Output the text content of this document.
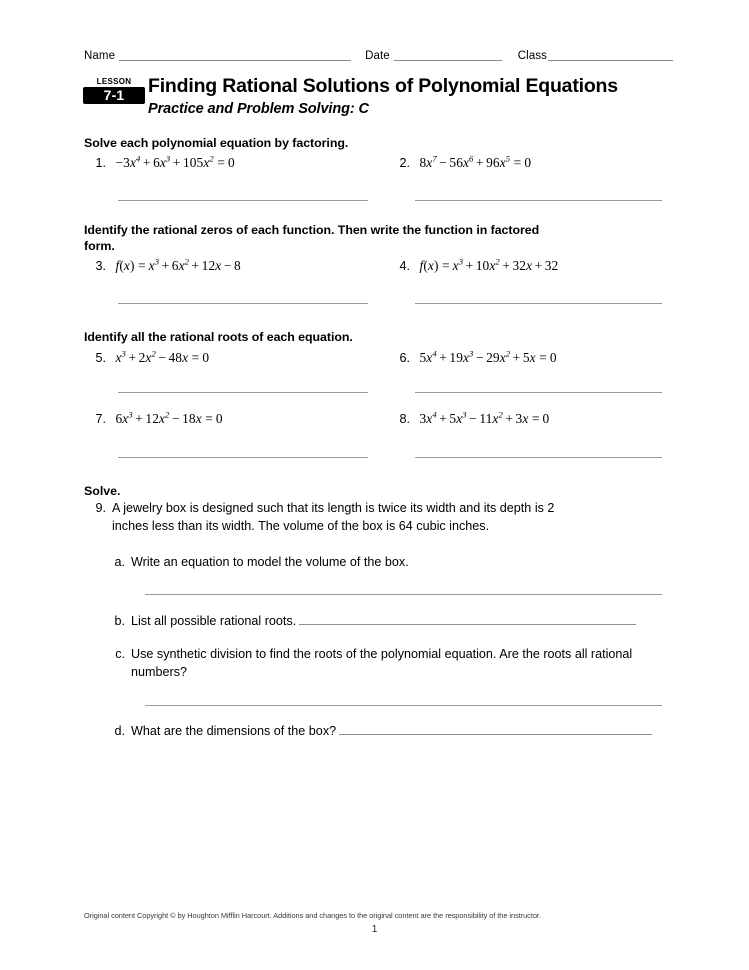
Name	Date	Class
LESSON
7-1	Finding Rational Solutions of Polynomial Equations
Practice and Problem Solving: C
Solve each polynomial equation by factoring.
1. $-3x^4 + 6x^3 + 105x^2 = 0$	2. $8x^7 - 56x^6 + 96x^5 = 0$
Identify the rational zeros of each function. Then write the function in factored form.
3. $f(x) = x^3 + 6x^2 + 12x - 8$	4. $f(x) = x^3 + 10x^2 + 32x + 32$
Identify all the rational roots of each equation.
5. $x^3 + 2x^2 - 48x = 0$	6. $5x^4 + 19x^3 - 29x^2 + 5x = 0$
7. $6x^3 + 12x^2 - 18x = 0$	8. $3x^4 + 5x^3 - 11x^2 + 3x = 0$
Solve.
9. A jewelry box is designed such that its length is twice its width and its depth is 2 inches less than its width. The volume of the box is 64 cubic inches.
a. Write an equation to model the volume of the box.
b. List all possible rational roots.
c. Use synthetic division to find the roots of the polynomial equation. Are the roots all rational numbers?
d. What are the dimensions of the box?
Original content Copyright © by Houghton Mifflin Harcourt. Additions and changes to the original content are the responsibility of the instructor.
1
